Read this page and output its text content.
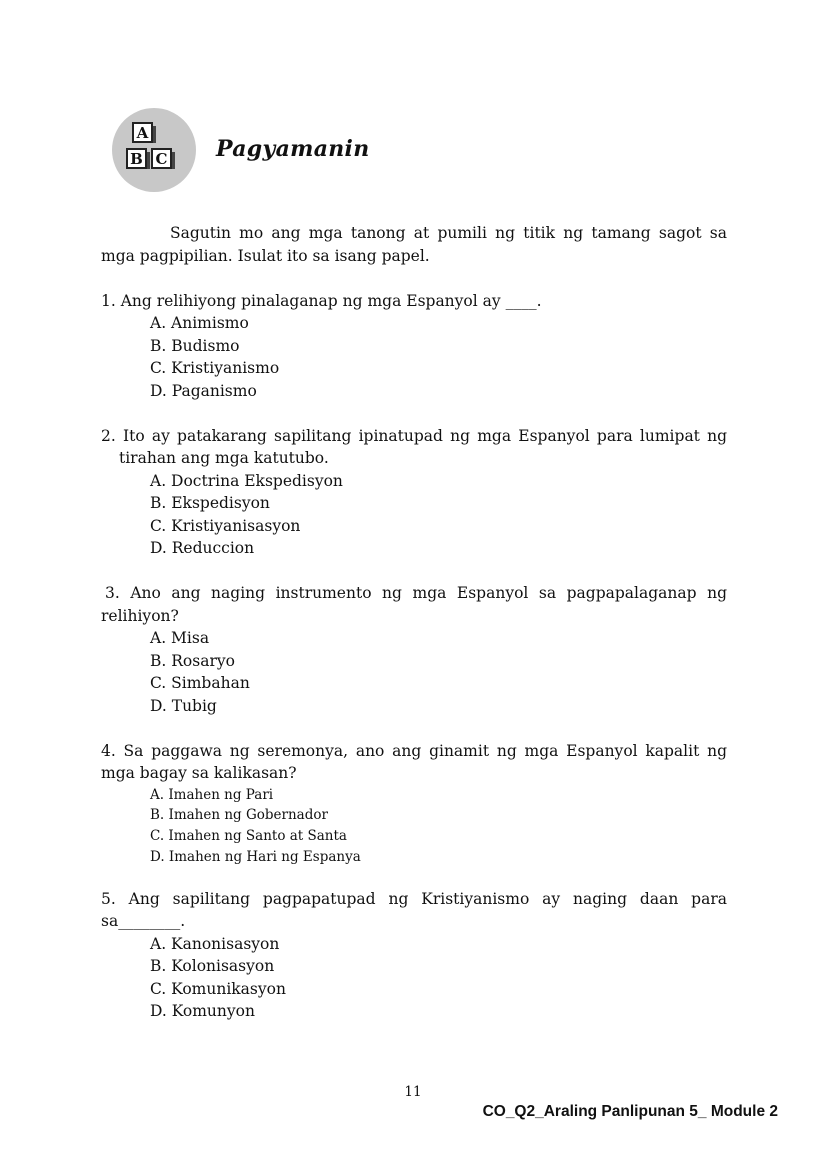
A
B C Pagyamanin
Sagutin mo ang mga tanong at pumili ng titik ng tamang sagot sa
mga pagpipilian. Isulat ito sa isang papel.
1. Ang relihiyong pinalaganap ng mga Espanyol ay ____.
A. Animismo
B. Budismo
C. Kristiyanismo
D. Paganismo
2. Ito ay patakarang sapilitang ipinatupad ng mga Espanyol para lumipat ng
tirahan ang mga katutubo.
A. Doctrina Ekspedisyon
B. Ekspedisyon
C. Kristiyanisasyon
D. Reduccion
3. Ano ang naging instrumento ng mga Espanyol sa pagpapalaganap ng
relihiyon?
A. Misa
B. Rosaryo
C. Simbahan
D. Tubig
4. Sa paggawa ng seremonya, ano ang ginamit ng mga Espanyol kapalit ng
mga bagay sa kalikasan?
A. Imahen ng Pari
B. Imahen ng Gobernador
C. Imahen ng Santo at Santa
D. Imahen ng Hari ng Espanya
5. Ang sapilitang pagpapatupad ng Kristiyanismo ay naging daan para
sa________.
A. Kanonisasyon
B. Kolonisasyon
C. Komunikasyon
D. Komunyon
11
CO_Q2_Araling Panlipunan 5_ Module 2
